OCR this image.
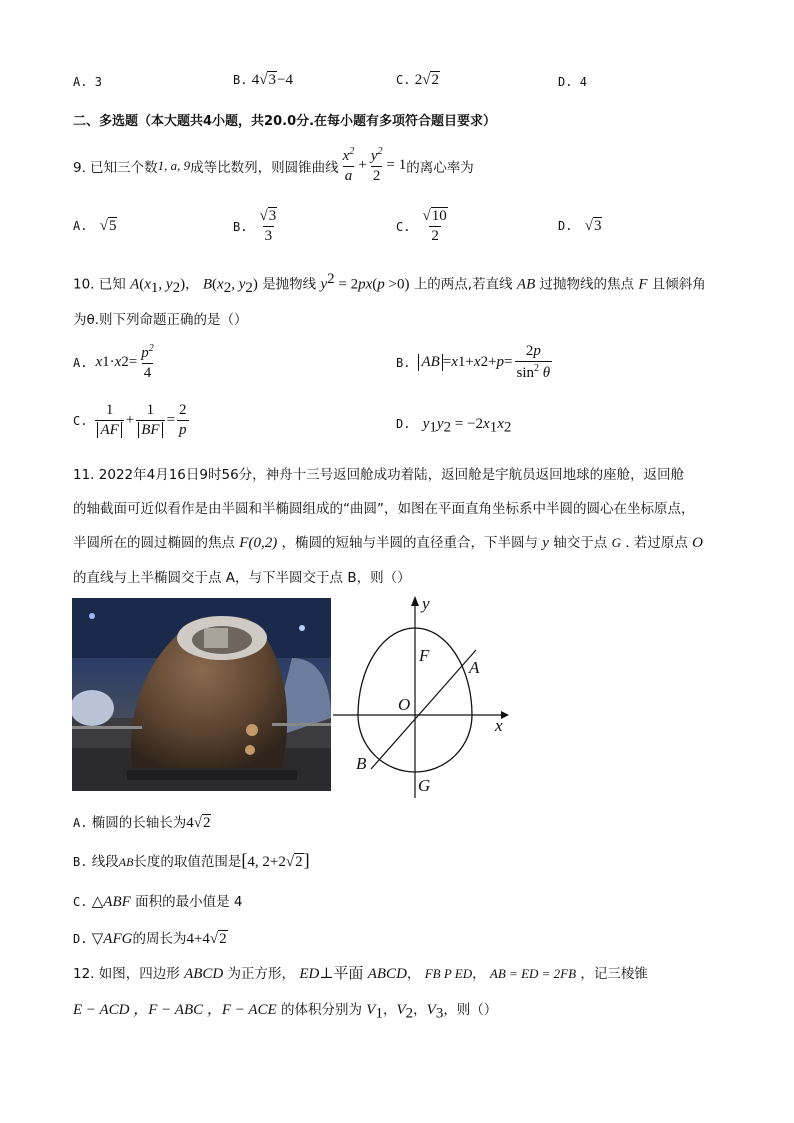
A. 3	B. 4√3−4	C. 2√2	D. 4
二、多选题（本大题共4小题，共20.0分.在每小题有多项符合题目要求）
9. 已知三个数 1, a, 9 成等比数列，则圆锥曲线 $\frac{x^2}{a} + \frac{y^2}{2} = 1$ 的离心率为
A. √5	B. $\frac{√3}{3}$	C. $\frac{√10}{2}$	D. √3
10. 已知 $A(x_1$, $y_2$)， $B(x_2$, $y_2$) 是抛物线 $y^2 = 2px(p >0)$ 上的两点,若直线 AB 过抛物线的焦点 F 且倾斜角
为θ.则下列命题正确的是（）
A. x 1 · x $2 = \frac{p^2}{4}$	B. AB = x 1 + x $2 + p = \frac{2p}{\sin^2 \theta}$
C. $\frac{1}{AF} + \frac{1}{BF} = \frac{2}{p}$	D. $y_1y_2 = -2x_1x_2$
11. 2022年4月16日9时56分，神舟十三号返回舱成功着陆，返回舱是宇航员返回地球的座舱，返回舱
的轴截面可近似看作是由半圆和半椭圆组成的“曲圆”，如图在平面直角坐标系中半圆的圆心在坐标原点，
半圆所在的圆过椭圆的焦点 F(0,2) ，椭圆的短轴与半圆的直径重合，下半圆与 y 轴交于点 G . 若过原点 O
的直线与上半椭圆交于点 A，与下半圆交于点 B，则（）
y
F
A
O
x
B
G
A. 椭圆的长轴长为4√2
B. 线段AB长度的取值范围是[4, 2+2√2]
C. △ABF 面积的最小值是 4
D. ▽AFG的周长为4+4√2
12. 如图，四边形 ABCD 为正方形， ED⊥平面 ABCD， FB P ED， AB = ED = 2FB ，记三棱锥
E − ACD ，F − ABC ，F − ACE 的体积分别为 $V_1$，$V_2$，$V_3$，则（）
